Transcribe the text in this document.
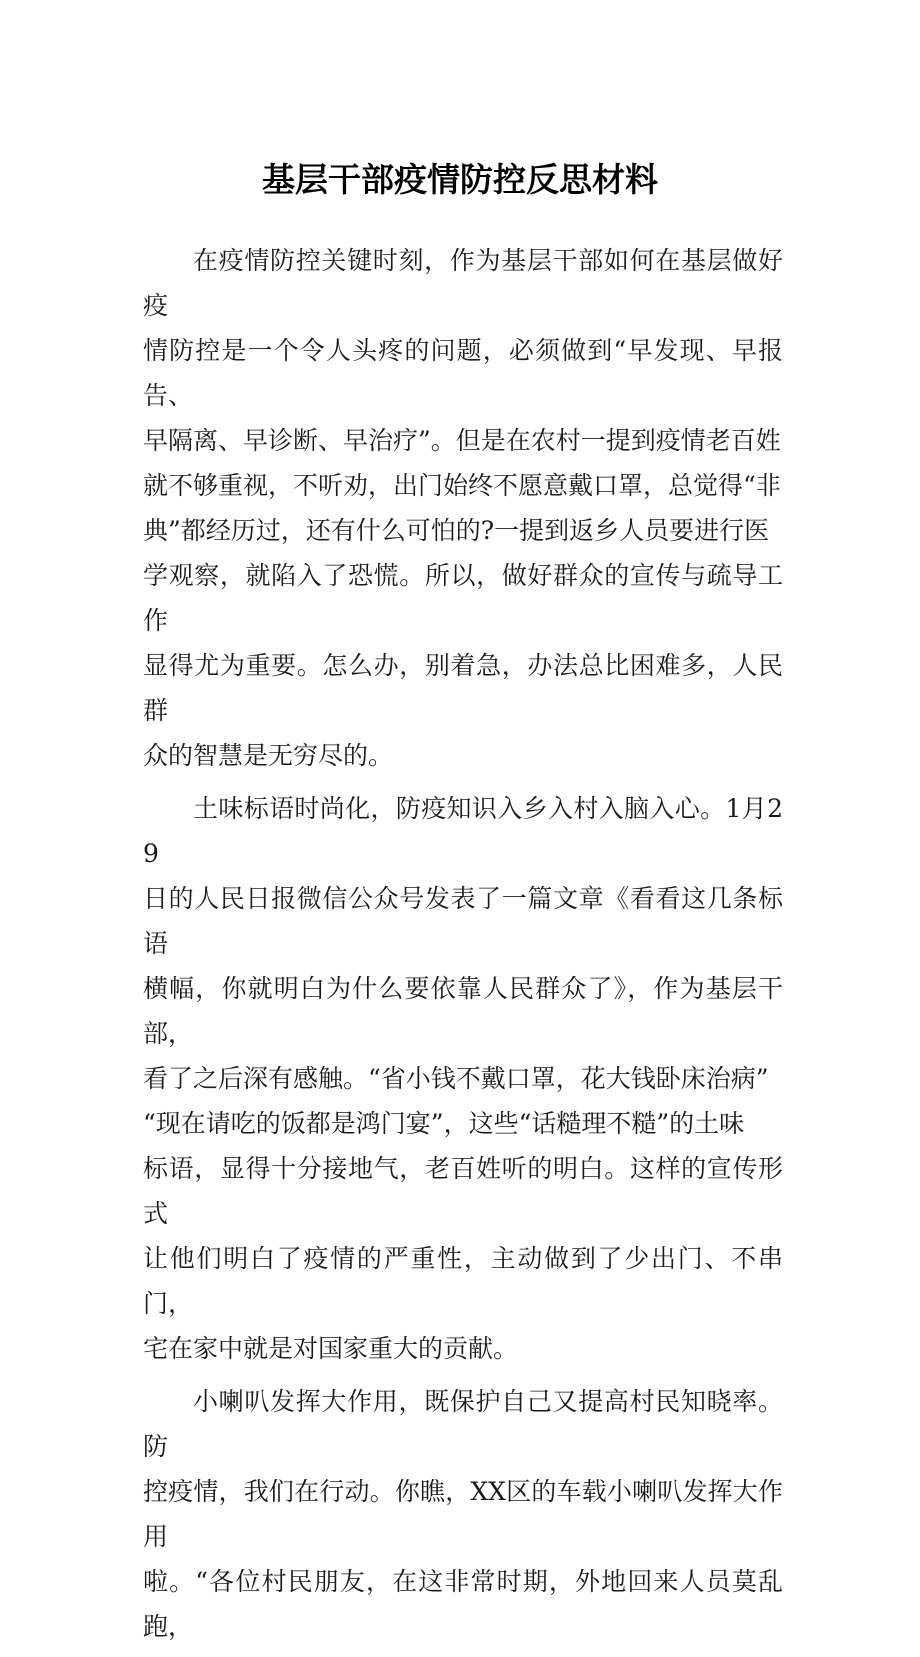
基层干部疫情防控反思材料

在疫情防控关键时刻，作为基层干部如何在基层做好疫
情防控是一个令人头疼的问题，必须做到“早发现、早报告、
早隔离、早诊断、早治疗”。但是在农村一提到疫情老百姓
就不够重视，不听劝，出门始终不愿意戴口罩，总觉得“非
典”都经历过，还有什么可怕的?一提到返乡人员要进行医
学观察，就陷入了恐慌。所以，做好群众的宣传与疏导工作
显得尤为重要。怎么办，别着急，办法总比困难多，人民群
众的智慧是无穷尽的。

土味标语时尚化，防疫知识入乡入村入脑入心。1月29
日的人民日报微信公众号发表了一篇文章《看看这几条标语
横幅，你就明白为什么要依靠人民群众了》，作为基层干部，
看了之后深有感触。“省小钱不戴口罩，花大钱卧床治病”
“现在请吃的饭都是鸿门宴”，这些“话糙理不糙”的土味
标语，显得十分接地气，老百姓听的明白。这样的宣传形式
让他们明白了疫情的严重性，主动做到了少出门、不串门，
宅在家中就是对国家重大的贡献。

小喇叭发挥大作用，既保护自己又提高村民知晓率。防
控疫情，我们在行动。你瞧，XX区的车载小喇叭发挥大作用
啦。“各位村民朋友，在这非常时期，外地回来人员莫乱跑，
